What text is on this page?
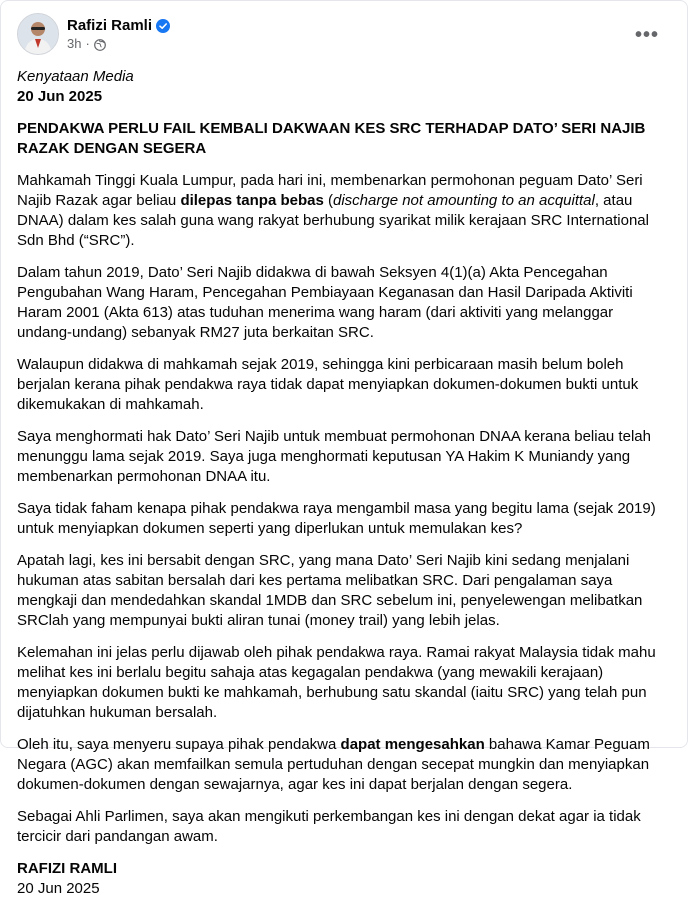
Rafizi Ramli
3h ·	•••

Kenyataan Media

20 Jun 2025

PENDAKWA PERLU FAIL KEMBALI DAKWAAN KES SRC TERHADAP DATO’ SERI NAJIB RAZAK DENGAN SEGERA

Mahkamah Tinggi Kuala Lumpur, pada hari ini, membenarkan permohonan peguam Dato’ Seri Najib Razak agar beliau dilepas tanpa bebas (discharge not amounting to an acquittal, atau DNAA) dalam kes salah guna wang rakyat berhubung syarikat milik kerajaan SRC International Sdn Bhd (“SRC”).

Dalam tahun 2019, Dato’ Seri Najib didakwa di bawah Seksyen 4(1)(a) Akta Pencegahan Pengubahan Wang Haram, Pencegahan Pembiayaan Keganasan dan Hasil Daripada Aktiviti Haram 2001 (Akta 613) atas tuduhan menerima wang haram (dari aktiviti yang melanggar undang-undang) sebanyak RM27 juta berkaitan SRC.

Walaupun didakwa di mahkamah sejak 2019, sehingga kini perbicaraan masih belum boleh berjalan kerana pihak pendakwa raya tidak dapat menyiapkan dokumen-dokumen bukti untuk dikemukakan di mahkamah.

Saya menghormati hak Dato’ Seri Najib untuk membuat permohonan DNAA kerana beliau telah menunggu lama sejak 2019. Saya juga menghormati keputusan YA Hakim K Muniandy yang membenarkan permohonan DNAA itu.

Saya tidak faham kenapa pihak pendakwa raya mengambil masa yang begitu lama (sejak 2019) untuk menyiapkan dokumen seperti yang diperlukan untuk memulakan kes?

Apatah lagi, kes ini bersabit dengan SRC, yang mana Dato’ Seri Najib kini sedang menjalani hukuman atas sabitan bersalah dari kes pertama melibatkan SRC. Dari pengalaman saya mengkaji dan mendedahkan skandal 1MDB dan SRC sebelum ini, penyelewengan melibatkan SRClah yang mempunyai bukti aliran tunai (money trail) yang lebih jelas.

Kelemahan ini jelas perlu dijawab oleh pihak pendakwa raya. Ramai rakyat Malaysia tidak mahu melihat kes ini berlalu begitu sahaja atas kegagalan pendakwa (yang mewakili kerajaan) menyiapkan dokumen bukti ke mahkamah, berhubung satu skandal (iaitu SRC) yang telah pun dijatuhkan hukuman bersalah.

Oleh itu, saya menyeru supaya pihak pendakwa dapat mengesahkan bahawa Kamar Peguam Negara (AGC) akan memfailkan semula pertuduhan dengan secepat mungkin dan menyiapkan dokumen-dokumen dengan sewajarnya, agar kes ini dapat berjalan dengan segera.

Sebagai Ahli Parlimen, saya akan mengikuti perkembangan kes ini dengan dekat agar ia tidak tercicir dari pandangan awam.

RAFIZI RAMLI

20 Jun 2025
